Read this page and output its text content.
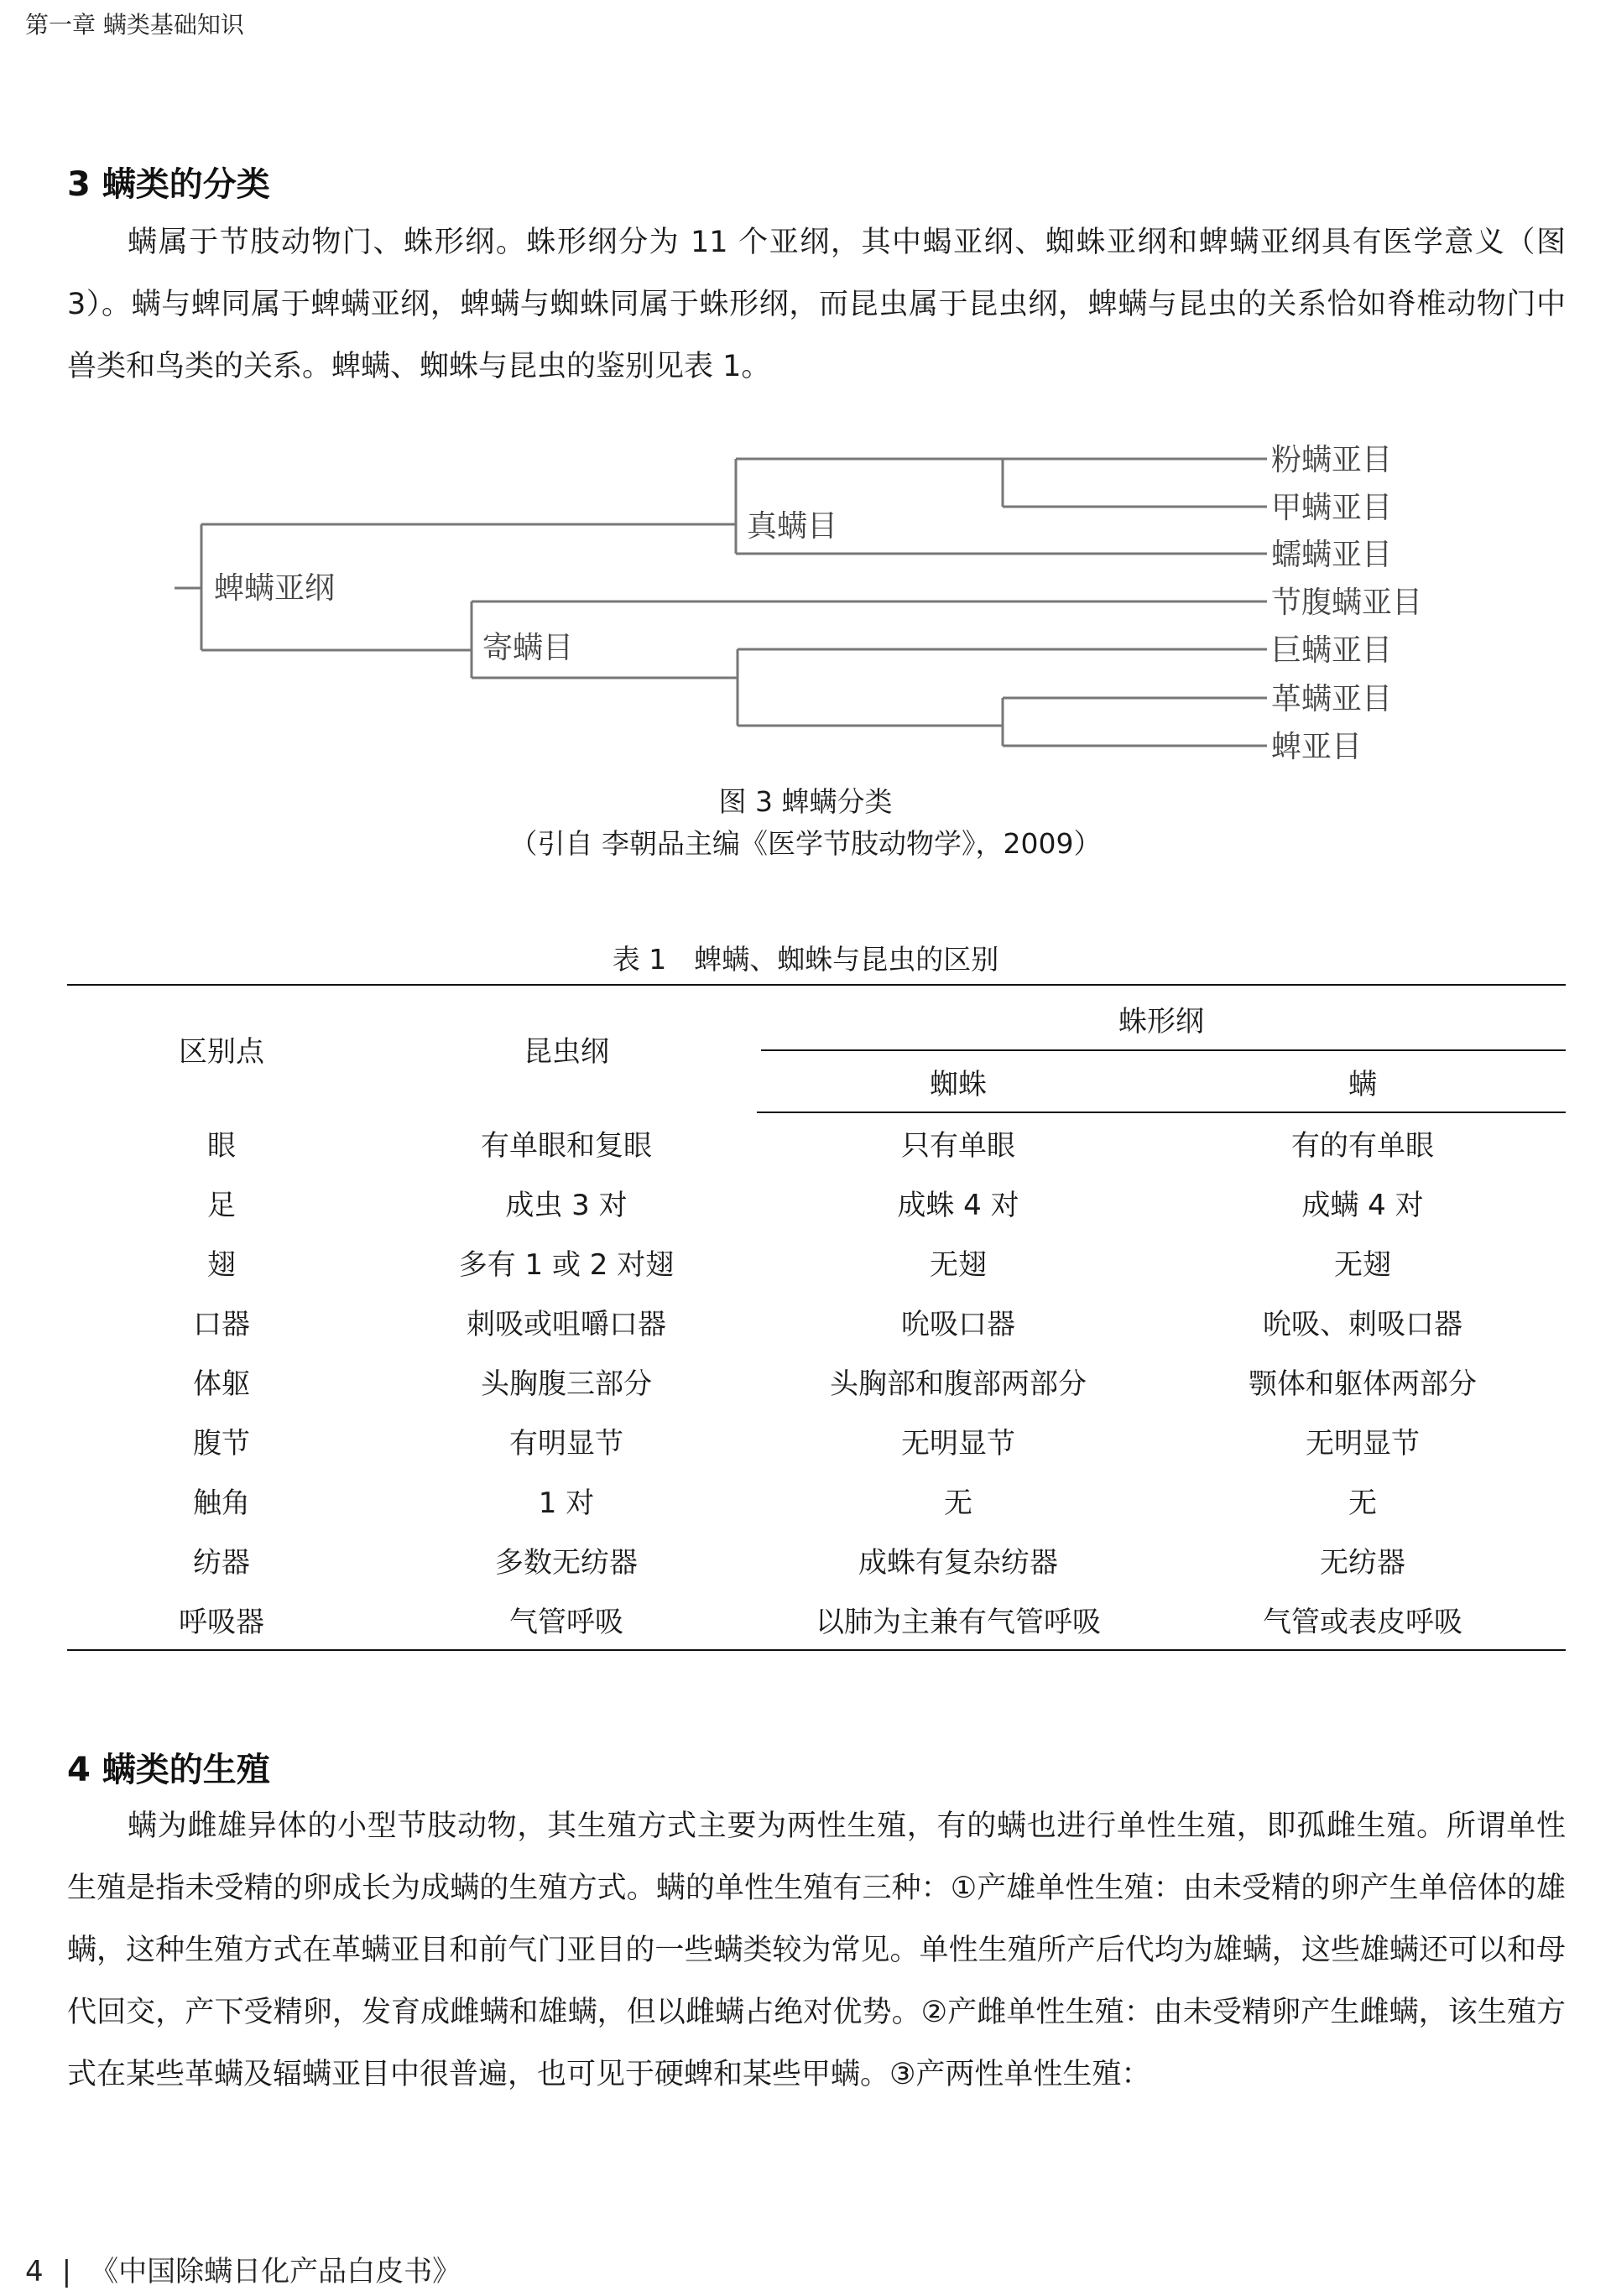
第一章 螨类基础知识
3 螨类的分类

螨属于节肢动物门、蛛形纲。蛛形纲分为 11 个亚纲，其中蝎亚纲、蜘蛛亚纲和蜱螨亚纲具有医学意义（图 3）。螨与蜱同属于蜱螨亚纲，蜱螨与蜘蛛同属于蛛形纲，而昆虫属于昆虫纲，蜱螨与昆虫的关系恰如脊椎动物门中兽类和鸟类的关系。蜱螨、蜘蛛与昆虫的鉴别见表 1。

蜱螨亚纲
真螨目
寄螨目
粉螨亚目
甲螨亚目
蠕螨亚目
节腹螨亚目
巨螨亚目
革螨亚目
蜱亚目
图 3 蜱螨分类
（引自 李朝品主编《医学节肢动物学》，2009）
表 1　蜱螨、蜘蛛与昆虫的区别
区别点	昆虫纲	蛛形纲	

		蜘蛛	螨
眼	有单眼和复眼	只有单眼	有的有单眼
足	成虫 3 对	成蛛 4 对	成螨 4 对
翅	多有 1 或 2 对翅	无翅	无翅
口器	刺吸或咀嚼口器	吮吸口器	吮吸、刺吸口器
体躯	头胸腹三部分	头胸部和腹部两部分	颚体和躯体两部分
腹节	有明显节	无明显节	无明显节
触角	1 对	无	无
纺器	多数无纺器	成蛛有复杂纺器	无纺器
呼吸器	气管呼吸	以肺为主兼有气管呼吸	气管或表皮呼吸
4 螨类的生殖

螨为雌雄异体的小型节肢动物，其生殖方式主要为两性生殖，有的螨也进行单性生殖，即孤雌生殖。所谓单性生殖是指未受精的卵成长为成螨的生殖方式。螨的单性生殖有三种：①产雄单性生殖：由未受精的卵产生单倍体的雄螨，这种生殖方式在革螨亚目和前气门亚目的一些螨类较为常见。单性生殖所产后代均为雄螨，这些雄螨还可以和母代回交，产下受精卵，发育成雌螨和雄螨，但以雌螨占绝对优势。②产雌单性生殖：由未受精卵产生雌螨，该生殖方式在某些革螨及辐螨亚目中很普遍，也可见于硬蜱和某些甲螨。③产两性单性生殖：

4 | 《中国除螨日化产品白皮书》
